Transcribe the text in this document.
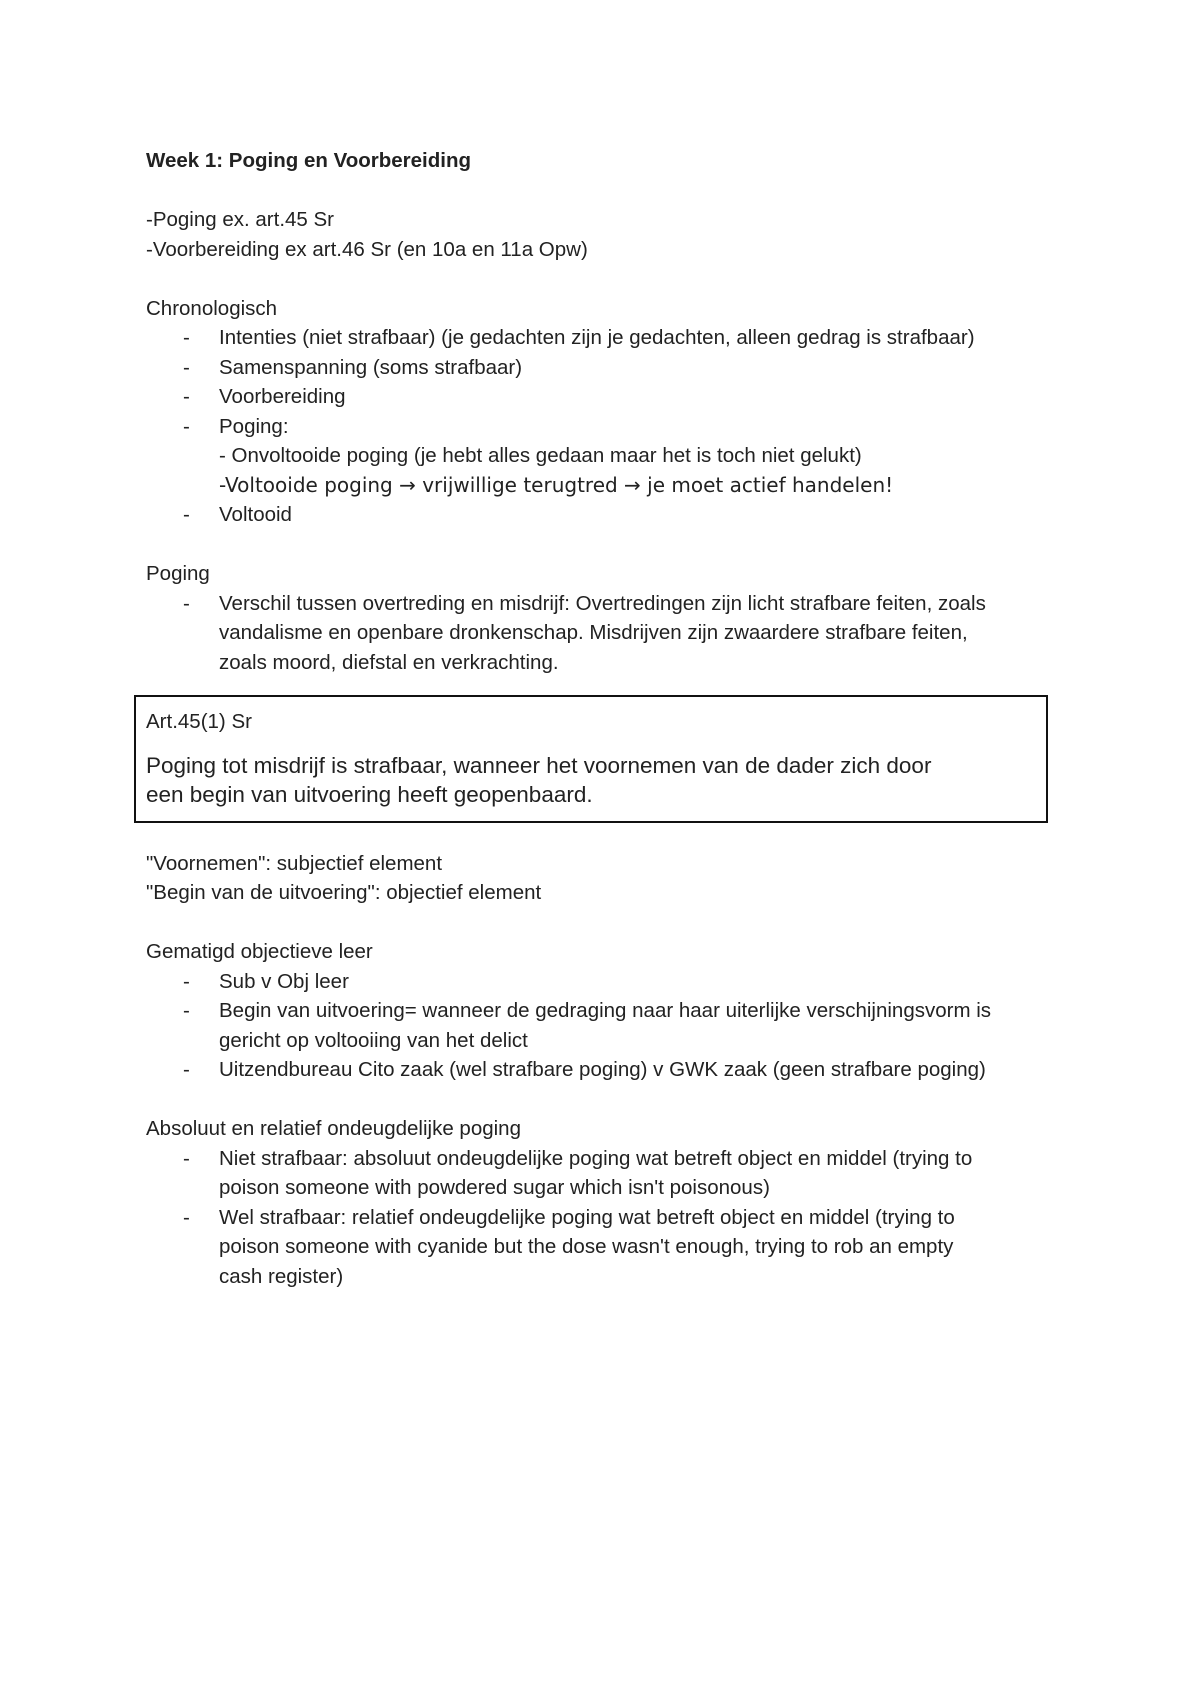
Week 1: Poging en Voorbereiding

-Poging ex. art.45 Sr

-Voorbereiding ex art.46 Sr (en 10a en 11a Opw)

Chronologisch

- Intenties (niet strafbaar) (je gedachten zijn je gedachten, alleen gedrag is strafbaar)
- Samenspanning (soms strafbaar)
- Voorbereiding
- Poging:
- Onvoltooide poging (je hebt alles gedaan maar het is toch niet gelukt)
-Voltooide poging → vrijwillige terugtred → je moet actief handelen!
- Voltooid

Poging

- Verschil tussen overtreding en misdrijf: Overtredingen zijn licht strafbare feiten, zoals
vandalisme en openbare dronkenschap. Misdrijven zijn zwaardere strafbare feiten,
zoals moord, diefstal en verkrachting.

Art.45(1) Sr

Poging tot misdrijf is strafbaar, wanneer het voornemen van de dader zich door

een begin van uitvoering heeft geopenbaard.

"Voornemen": subjectief element

"Begin van de uitvoering": objectief element

Gematigd objectieve leer

- Sub v Obj leer
- Begin van uitvoering= wanneer de gedraging naar haar uiterlijke verschijningsvorm is
gericht op voltooiing van het delict
- Uitzendbureau Cito zaak (wel strafbare poging) v GWK zaak (geen strafbare poging)

Absoluut en relatief ondeugdelijke poging

- Niet strafbaar: absoluut ondeugdelijke poging wat betreft object en middel (trying to
poison someone with powdered sugar which isn't poisonous)
- Wel strafbaar: relatief ondeugdelijke poging wat betreft object en middel (trying to
poison someone with cyanide but the dose wasn't enough, trying to rob an empty
cash register)
